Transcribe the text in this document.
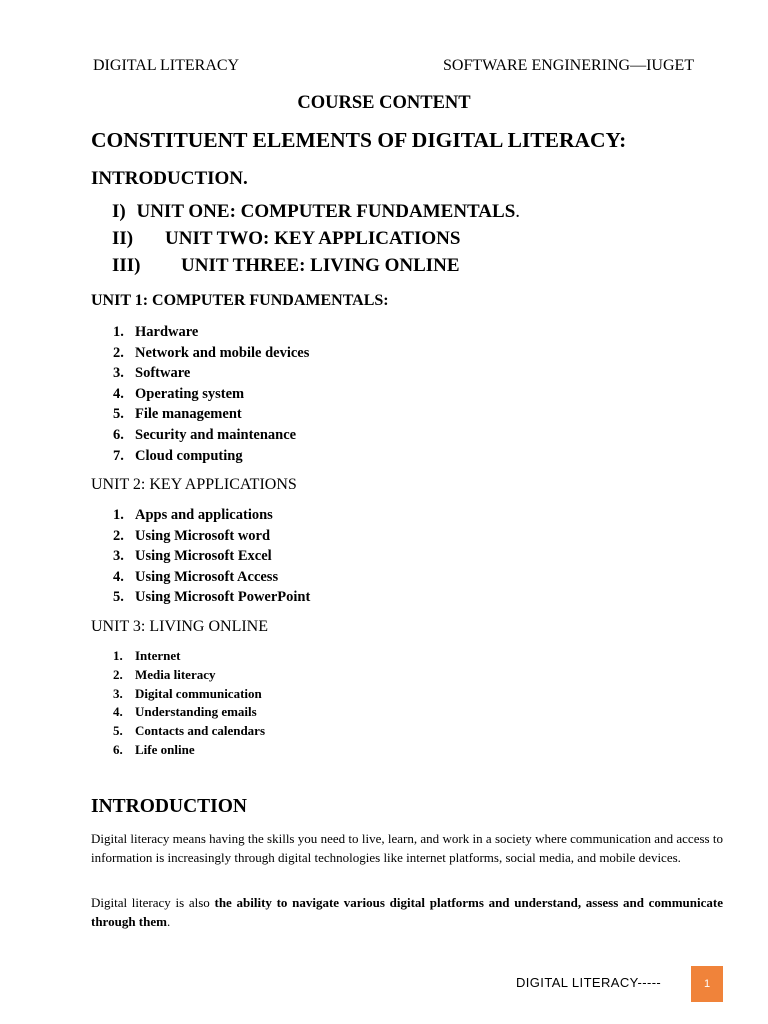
DIGITAL LITERACY	SOFTWARE ENGINERING—IUGET
COURSE CONTENT
CONSTITUENT ELEMENTS OF DIGITAL LITERACY:
INTRODUCTION.
I) UNIT ONE: COMPUTER FUNDAMENTALS.
II) UNIT TWO: KEY APPLICATIONS
III) UNIT THREE: LIVING ONLINE
UNIT 1: COMPUTER FUNDAMENTALS:
1. Hardware
2. Network and mobile devices
3. Software
4. Operating system
5. File management
6. Security and maintenance
7. Cloud computing
UNIT 2: KEY APPLICATIONS
1. Apps and applications
2. Using Microsoft word
3. Using Microsoft Excel
4. Using Microsoft Access
5. Using Microsoft PowerPoint
UNIT 3: LIVING ONLINE
1. Internet
2. Media literacy
3. Digital communication
4. Understanding emails
5. Contacts and calendars
6. Life online
INTRODUCTION
Digital literacy means having the skills you need to live, learn, and work in a society where communication and access to information is increasingly through digital technologies like internet platforms, social media, and mobile devices.
Digital literacy is also the ability to navigate various digital platforms and understand, assess and communicate through them.
DIGITAL LITERACY-----	1
